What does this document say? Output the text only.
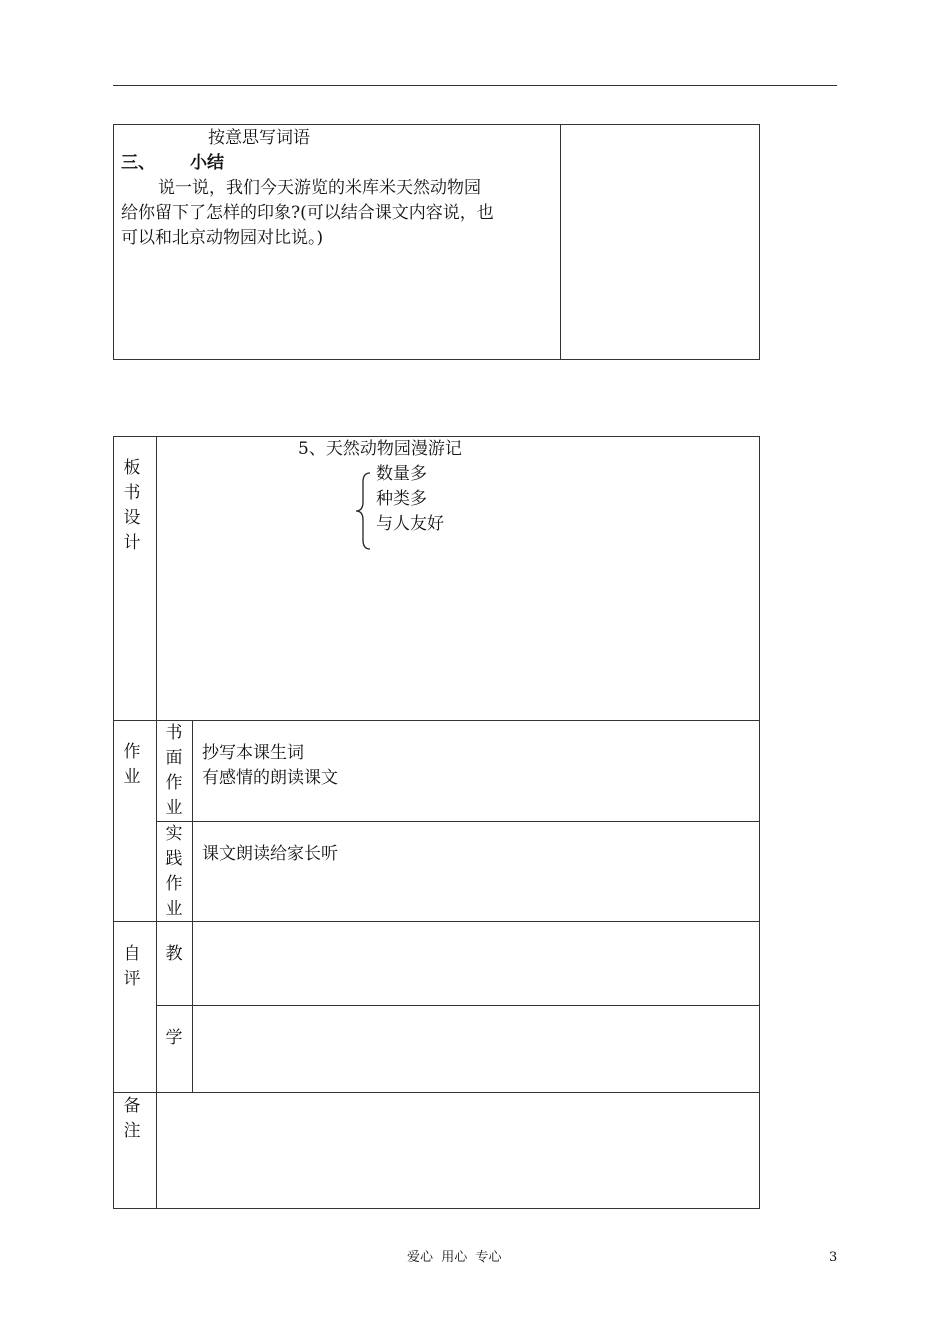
按意思写词语
三、 小结
说一说，我们今天游览的米库米天然动物园
给你留下了怎样的印象?(可以结合课文内容说，也
可以和北京动物园对比说。)
板书设计
5、天然动物园漫游记
数量多
种类多
与人友好
作业
书面作业
抄写本课生词
有感情的朗读课文
实践作业
课文朗读给家长听
自评
教
学
备注
爱心  用心  专心	3
